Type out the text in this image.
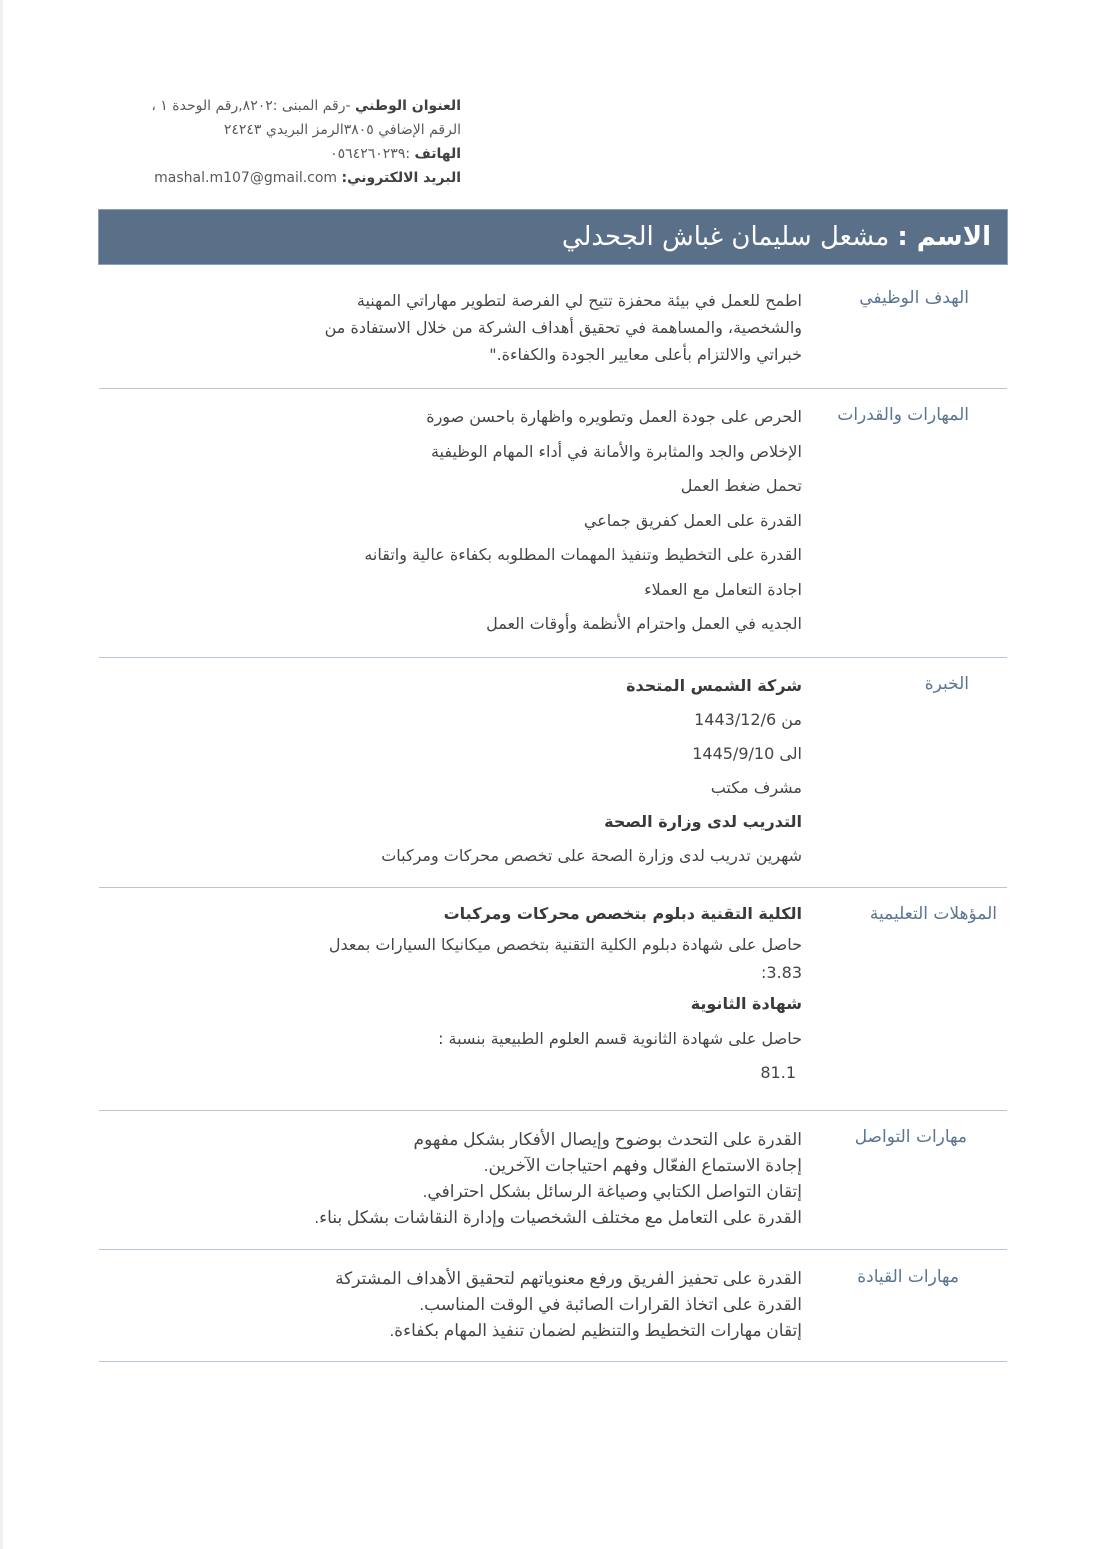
العنوان الوطني -رقم المبنى :٨٢٠٢,رقم الوحدة ١ ،
الرقم الإضافي ٣٨٠٥الرمز البريدي ٢٤٢٤٣
الهاتف :٠٥٦٤٢٦٠٢٣٩
البريد الالكتروني: mashal.m107@gmail.com
الاسم :
مشعل سليمان غباش الجحدلي
الهدف الوظيفي
اطمح للعمل في بيئة محفزة تتيح لي الفرصة لتطوير مهاراتي المهنية
والشخصية، والمساهمة في تحقيق أهداف الشركة من خلال الاستفادة من
خبراتي والالتزام بأعلى معايير الجودة والكفاءة."
المهارات والقدرات
الحرص على جودة العمل وتطويره واظهارة باحسن صورة
الإخلاص والجد والمثابرة والأمانة في أداء المهام الوظيفية
تحمل ضغط العمل
القدرة على العمل كفريق جماعي
القدرة على التخطيط وتنفيذ المهمات المطلوبه بكفاءة عالية واتقانه
اجادة التعامل مع العملاء
الجديه في العمل واحترام الأنظمة وأوقات العمل
الخبرة
شركة الشمس المتحدة
من 1443/12/6
الى 1445/9/10
مشرف مكتب
التدريب لدى وزارة الصحة
شهرين تدريب لدى وزارة الصحة على تخصص محركات ومركبات
المؤهلات التعليمية
الكلية التقنية دبلوم بتخصص محركات ومركبات
حاصل على شهادة دبلوم الكلية التقنية بتخصص ميكانيكا السيارات بمعدل
3.83:
شهادة الثانوية
حاصل على شهادة الثانوية قسم العلوم الطبيعية بنسبة :
81.1
مهارات التواصل
القدرة على التحدث بوضوح وإيصال الأفكار بشكل مفهوم
إجادة الاستماع الفعّال وفهم احتياجات الآخرين.
إتقان التواصل الكتابي وصياغة الرسائل بشكل احترافي.
القدرة على التعامل مع مختلف الشخصيات وإدارة النقاشات بشكل بناء.
مهارات القيادة
القدرة على تحفيز الفريق ورفع معنوياتهم لتحقيق الأهداف المشتركة
القدرة على اتخاذ القرارات الصائبة في الوقت المناسب.
إتقان مهارات التخطيط والتنظيم لضمان تنفيذ المهام بكفاءة.
